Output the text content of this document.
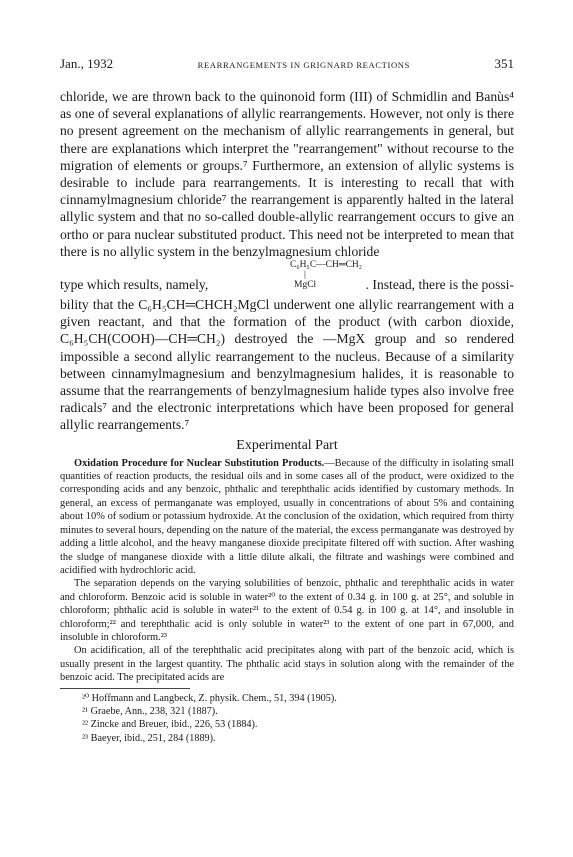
Jan., 1932	REARRANGEMENTS IN GRIGNARD REACTIONS	351

chloride, we are thrown back to the quinonoid form (III) of Schmidlin and Banùs⁴ as one of several explanations of allylic rearrangements. However, not only is there no present agreement on the mechanism of allylic rearrangements in general, but there are explanations which interpret the "rearrangement" without recourse to the migration of elements or groups.⁷ Furthermore, an extension of allylic systems is desirable to include para rearrangements. It is interesting to recall that with cinnamylmagnesium chloride⁷ the rearrangement is apparently halted in the lateral allylic system and that no so-called double-allylic rearrangement occurs to give an ortho or para nuclear substituted product. This need not be interpreted to mean that there is no allylic system in the benzylmagnesium chloride

type which results, namely,
C₆H₅C—CH═CH₂
|
MgCl	. Instead, there is the possi-

bility that the C₆H₅CH═CHCH₂MgCl underwent one allylic rearrangement with a given reactant, and that the formation of the product (with carbon dioxide, C₆H₅CH(COOH)—CH═CH₂) destroyed the —MgX group and so rendered impossible a second allylic rearrangement to the nucleus. Because of a similarity between cinnamylmagnesium and benzylmagnesium halides, it is reasonable to assume that the rearrangements of benzylmagnesium halide types also involve free radicals⁷ and the electronic interpretations which have been proposed for general allylic rearrangements.⁷

Experimental Part

Oxidation Procedure for Nuclear Substitution Products.—Because of the difficulty in isolating small quantities of reaction products, the residual oils and in some cases all of the product, were oxidized to the corresponding acids and any benzoic, phthalic and terephthalic acids identified by customary methods. In general, an excess of permanganate was employed, usually in concentrations of about 5% and containing about 10% of sodium or potassium hydroxide. At the conclusion of the oxidation, which required from thirty minutes to several hours, depending on the nature of the material, the excess permanganate was destroyed by adding a little alcohol, and the heavy manganese dioxide precipitate filtered off with suction. After washing the sludge of manganese dioxide with a little dilute alkali, the filtrate and washings were combined and acidified with hydrochloric acid.

The separation depends on the varying solubilities of benzoic, phthalic and terephthalic acids in water and chloroform. Benzoic acid is soluble in water²⁰ to the extent of 0.34 g. in 100 g. at 25°, and soluble in chloroform; phthalic acid is soluble in water²¹ to the extent of 0.54 g. in 100 g. at 14°, and insoluble in chloroform;²² and terephthalic acid is only soluble in water²³ to the extent of one part in 67,000, and insoluble in chloroform.²³

On acidification, all of the terephthalic acid precipitates along with part of the benzoic acid, which is usually present in the largest quantity. The phthalic acid stays in solution along with the remainder of the benzoic acid. The precipitated acids are

²⁰ Hoffmann and Langbeck, Z. physik. Chem., 51, 394 (1905).
²¹ Graebe, Ann., 238, 321 (1887).
²² Zincke and Breuer, ibid., 226, 53 (1884).
²³ Baeyer, ibid., 251, 284 (1889).
